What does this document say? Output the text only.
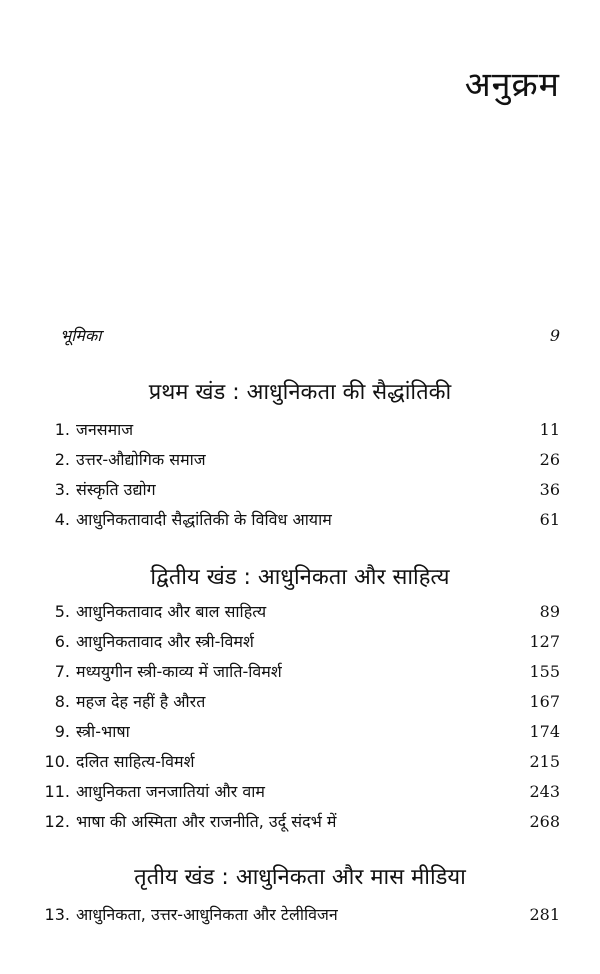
अनुक्रम
भूमिका	9
प्रथम खंड : आधुनिकता की सैद्धांतिकी
1. जनसमाज	11
2. उत्तर-औद्योगिक समाज	26
3. संस्कृति उद्योग	36
4. आधुनिकतावादी सैद्धांतिकी के विविध आयाम	61
द्वितीय खंड : आधुनिकता और साहित्य
5. आधुनिकतावाद और बाल साहित्य	89
6. आधुनिकतावाद और स्त्री-विमर्श	127
7. मध्ययुगीन स्त्री-काव्य में जाति-विमर्श	155
8. महज देह नहीं है औरत	167
9. स्त्री-भाषा	174
10. दलित साहित्य-विमर्श	215
11. आधुनिकता जनजातियां और वाम	243
12. भाषा की अस्मिता और राजनीति, उर्दू संदर्भ में	268
तृतीय खंड : आधुनिकता और मास मीडिया
13. आधुनिकता, उत्तर-आधुनिकता और टेलीविजन	281
